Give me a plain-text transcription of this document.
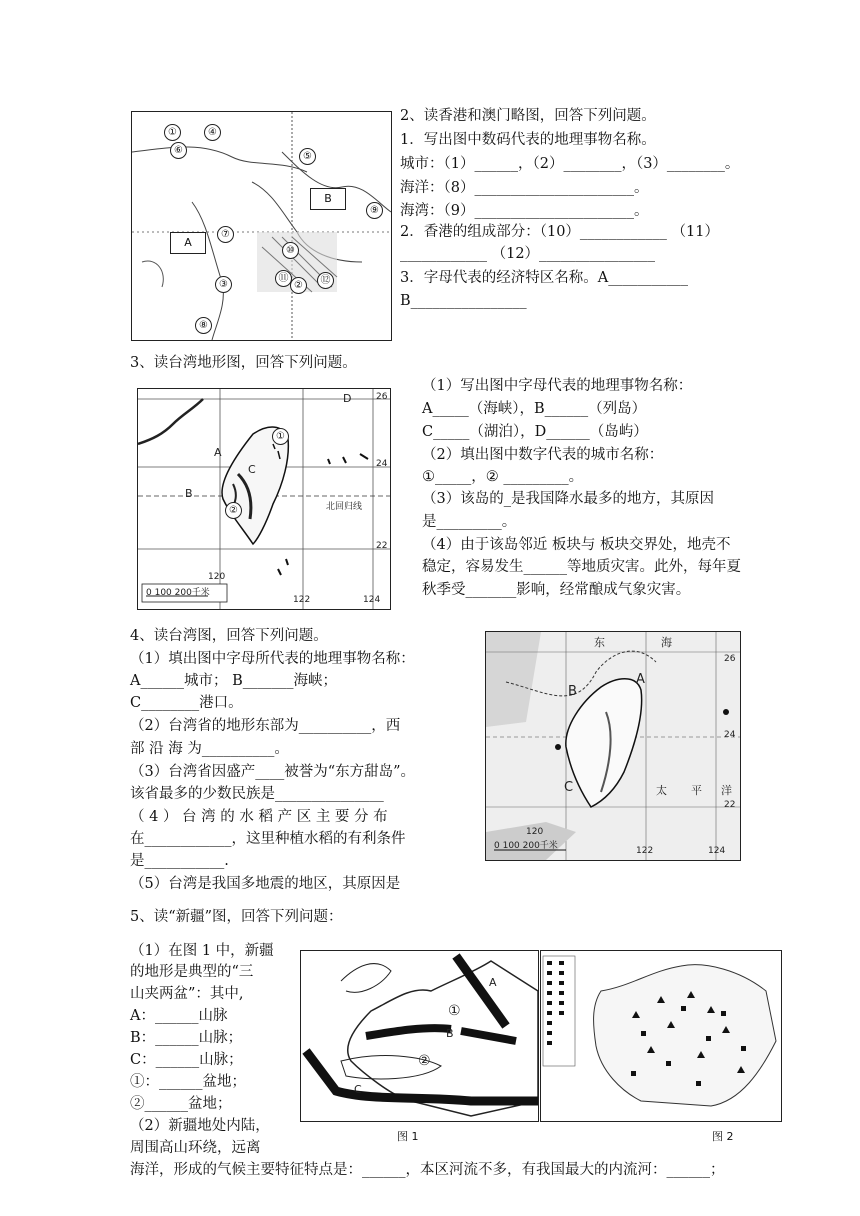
①	④
⑥
⑤
B
⑨
⑦
A
⑩
③
⑪
②	⑫
⑧
2、读香港和澳门略图，回答下列问题。
1．写出图中数码代表的地理事物名称。
城市：（1）______，（2）________，（3）________。
海洋：（8）______________________。
海湾：（9）______________________。
2．香港的组成部分：（10）____________ （11）
____________ （12）________________
3．字母代表的经济特区名称。A___________
B________________
3、读台湾地形图，回答下列问题。
D	26
①
A
C	24
B
北回归线
②
22
120
122	124
0 100 200千米
（1）写出图中字母代表的地理事物名称：
A_____（海峡），B______（列岛）
C_____（湖泊），D______（岛屿）
（2）填出图中数字代表的城市名称：
①_____，② _________。
（3）该岛的_是我国降水最多的地方，其原因
是_________。
（4）由于该岛邻近 板块与 板块交界处，地壳不
稳定，容易发生______等地质灾害。此外，每年夏
秋季受_______影响，经常酿成气象灾害。
4、读台湾图，回答下列问题。
（1）填出图中字母所代表的地理事物名称：
A______城市； B_______海峡；
C________港口。
（2）台湾省的地形东部为__________，西
部 沿 海 为__________。
（3）台湾省因盛产____被誉为“东方甜岛”。
该省最多的少数民族是_______________
（ 4 ） 台 湾 的 水 稻 产 区 主 要 分 布
在____________，这里种植水稻的有利条件
是___________.
（5）台湾是我国多地震的地区，其原因是
东	海
26
A
B
24
C	太 平 洋
22
120
122	124
0 100 200千米
5、读“新疆”图，回答下列问题：
（1）在图 1 中，新疆
的地形是典型的“三
山夹两盆”：其中,
A：______山脉
B：______山脉；
C：______山脉；
①：______盆地；
②______盆地；
（2）新疆地处内陆，
周围高山环绕，远离
海洋，形成的气候主要特征特点是：______，本区河流不多，有我国最大的内流河：______；
A
①
B
②
C
图 1	图 2
